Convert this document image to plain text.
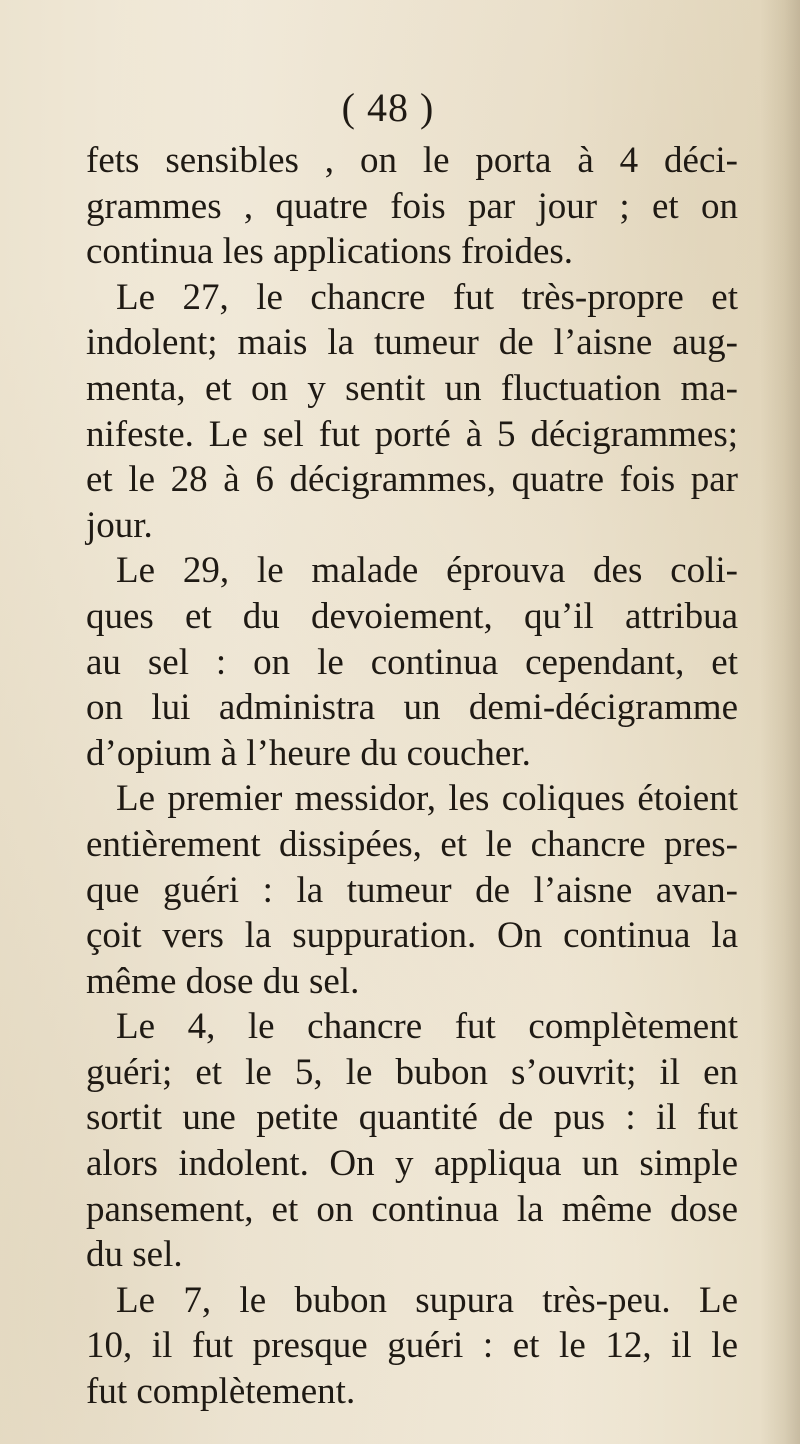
( 48 )
fets sensibles , on le porta à 4 déci-
grammes , quatre fois par jour ; et on
continua les applications froides.
Le 27, le chancre fut très-propre et
indolent; mais la tumeur de l’aisne aug-
menta, et on y sentit un fluctuation ma-
nifeste. Le sel fut porté à 5 décigrammes;
et le 28 à 6 décigrammes, quatre fois par
jour.
Le 29, le malade éprouva des coli-
ques et du devoiement, qu’il attribua
au sel : on le continua cependant, et
on lui administra un demi-décigramme
d’opium à l’heure du coucher.
Le premier messidor, les coliques étoient
entièrement dissipées, et le chancre pres-
que guéri : la tumeur de l’aisne avan-
çoit vers la suppuration. On continua la
même dose du sel.
Le 4, le chancre fut complètement
guéri; et le 5, le bubon s’ouvrit; il en
sortit une petite quantité de pus : il fut
alors indolent. On y appliqua un simple
pansement, et on continua la même dose
du sel.
Le 7, le bubon supura très-peu. Le
10, il fut presque guéri : et le 12, il le
fut complètement.
